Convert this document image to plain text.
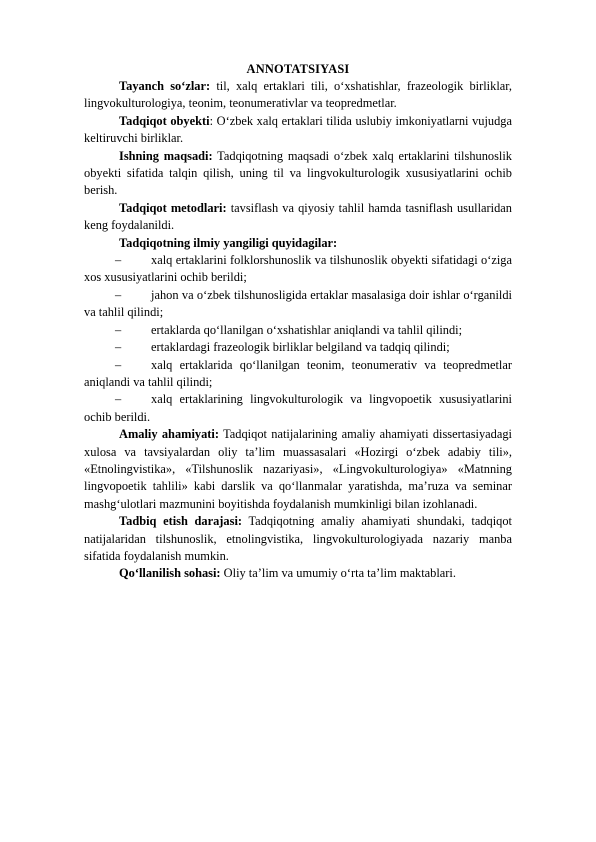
ANNOTATSIYASI

Tayanch so‘zlar: til, xalq ertaklari tili, o‘xshatishlar, frazeologik birliklar, lingvokulturologiya, teonim, teonumerativlar va teopredmetlar.

Tadqiqot obyekti: O‘zbek xalq ertaklari tilida uslubiy imkoniyatlarni vujudga keltiruvchi birliklar.

Ishning maqsadi: Tadqiqotning maqsadi o‘zbek xalq ertaklarini tilshunoslik obyekti sifatida talqin qilish, uning til va lingvokulturologik xususiyatlarini ochib berish.

Tadqiqot metodlari: tavsiflash va qiyosiy tahlil hamda tasniflash usullaridan keng foydalanildi.

Tadqiqotning ilmiy yangiligi quyidagilar:

– xalq ertaklarini folklorshunoslik va tilshunoslik obyekti sifatidagi o‘ziga xos xususiyatlarini ochib berildi;

– jahon va o‘zbek tilshunosligida ertaklar masalasiga doir ishlar o‘rganildi va tahlil qilindi;

– ertaklarda qo‘llanilgan o‘xshatishlar aniqlandi va tahlil qilindi;

– ertaklardagi frazeologik birliklar belgiland va tadqiq qilindi;

– xalq ertaklarida qo‘llanilgan teonim, teonumerativ va teopredmetlar aniqlandi va tahlil qilindi;

– xalq ertaklarining lingvokulturologik va lingvopoetik xususiyatlarini ochib berildi.

Amaliy ahamiyati: Tadqiqot natijalarining amaliy ahamiyati dissertasiyadagi xulosa va tavsiyalardan oliy ta’lim muassasalari «Hozirgi o‘zbek adabiy tili», «Etnolingvistika», «Tilshunoslik nazariyasi», «Lingvokulturologiya» «Matnning lingvopoetik tahlili» kabi darslik va qo‘llanmalar yaratishda, ma’ruza va seminar mashg‘ulotlari mazmunini boyitishda foydalanish mumkinligi bilan izohlanadi.

Tadbiq etish darajasi: Tadqiqotning amaliy ahamiyati shundaki, tadqiqot natijalaridan tilshunoslik, etnolingvistika, lingvokulturologiyada nazariy manba sifatida foydalanish mumkin.

Qo‘llanilish sohasi: Oliy ta’lim va umumiy o‘rta ta’lim maktablari.
